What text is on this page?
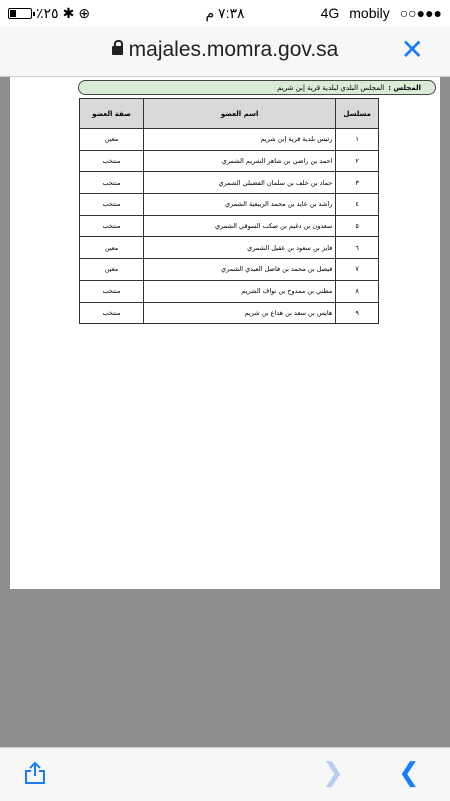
٪٢٥ ✱ ⊕	٧:٣٨ م	4G mobily ○○●●●
majales.momra.gov.sa	✕
المجلس :المجلس البلدي لبلدية قرية إبن شريم
مسلسل	اسم العضو	صفة العضو
١	رئيس بلدية قرية إبن شريم	معين
٢	احمد بن راضي بن شاهر الشريم الشمري	منتخب
٣	حماد بن خلف بن سلمان الفضيلي الشمري	منتخب
٤	راشد بن عايد بن محمد الربيعية الشمري	منتخب
٥	سعدون بن دغيم بن صكب السوقي الشمري	منتخب
٦	فايز بن سعود بن عقيل الشمري	معين
٧	فيصل بن محمد بن فاضل العبدي الشمري	معين
٨	مطني بن ممدوح بن نواف الشريم	منتخب
٩	هايس بن سعد بن هداع بن شريم	منتخب
❯ ❮
